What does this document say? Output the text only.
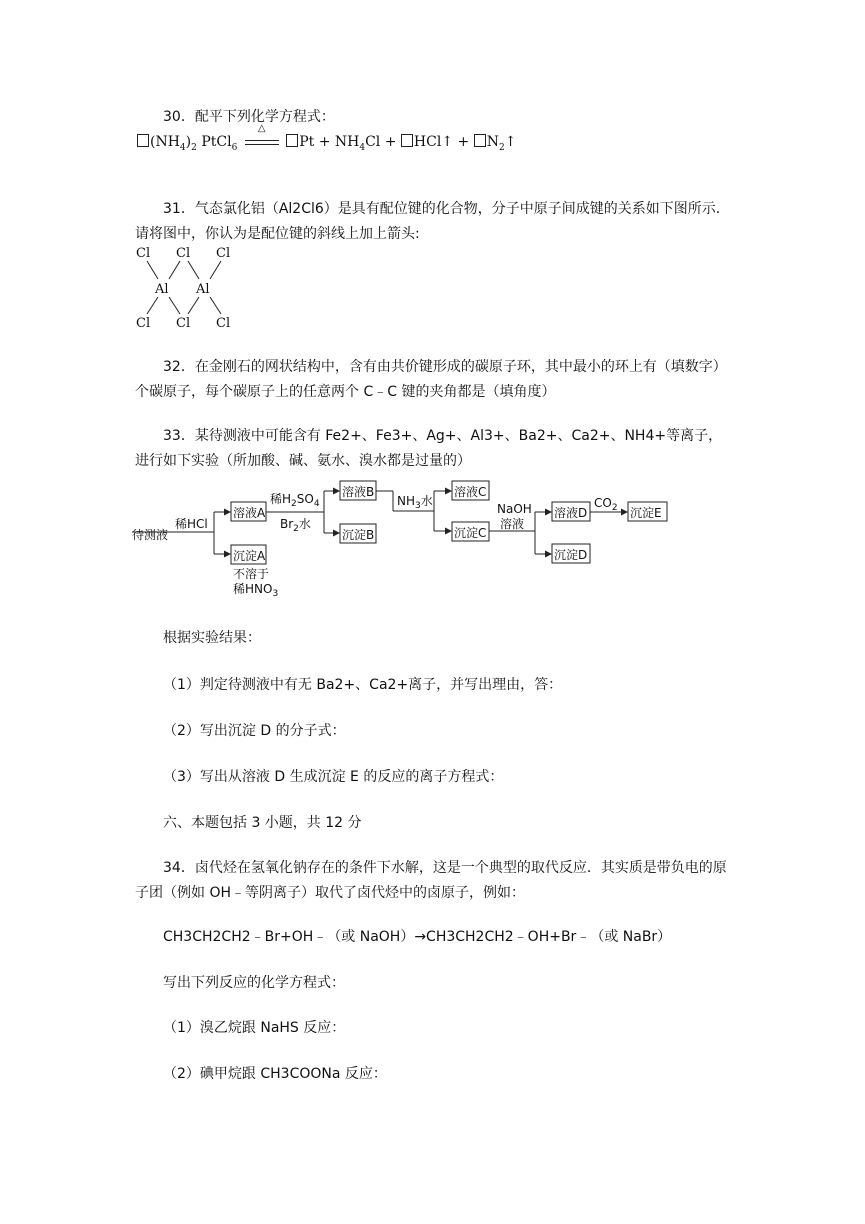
30．配平下列化学方程式：

$(NH_4)_2$ PtCl$_6$
△
$Pt + NH_4Cl$ + HCl↑ + $N_2↑$

31．气态氯化铝（Al2Cl6）是具有配位键的化合物，分子中原子间成键的关系如下图所示．请将图中，你认为是配位键的斜线上加上箭头:

Cl Cl Cl
Al Al
Cl Cl Cl

32．在金刚石的网状结构中，含有由共价键形成的碳原子环，其中最小的环上有（填数字）个碳原子，每个碳原子上的任意两个 C﹣C 键的夹角都是（填角度）

33．某待测液中可能含有 Fe2+、Fe3+、Ag+、Al3+、Ba2+、Ca2+、NH4+等离子，进行如下实验（所加酸、碱、氨水、溴水都是过量的）

待测液
稀HCl
溶液A
沉淀A
不溶于
稀$HNO_3$
稀$H_2SO_4$
$Br_2$水
溶液B
沉淀B
$NH_3$水
溶液C
沉淀C
NaOH
溶液
溶液D
沉淀D
$CO_2$ 沉淀E

根据实验结果：

（1）判定待测液中有无 Ba2+、Ca2+离子，并写出理由，答：

（2）写出沉淀 D 的分子式：

（3）写出从溶液 D 生成沉淀 E 的反应的离子方程式：

六、本题包括 3 小题，共 12 分

34．卤代烃在氢氧化钠存在的条件下水解，这是一个典型的取代反应．其实质是带负电的原子团（例如 OH﹣等阴离子）取代了卤代烃中的卤原子，例如：

CH3CH2CH2﹣Br+OH﹣（或 NaOH）→CH3CH2CH2﹣OH+Br﹣（或 NaBr）

写出下列反应的化学方程式：

（1）溴乙烷跟 NaHS 反应：

（2）碘甲烷跟 CH3COONa 反应：
